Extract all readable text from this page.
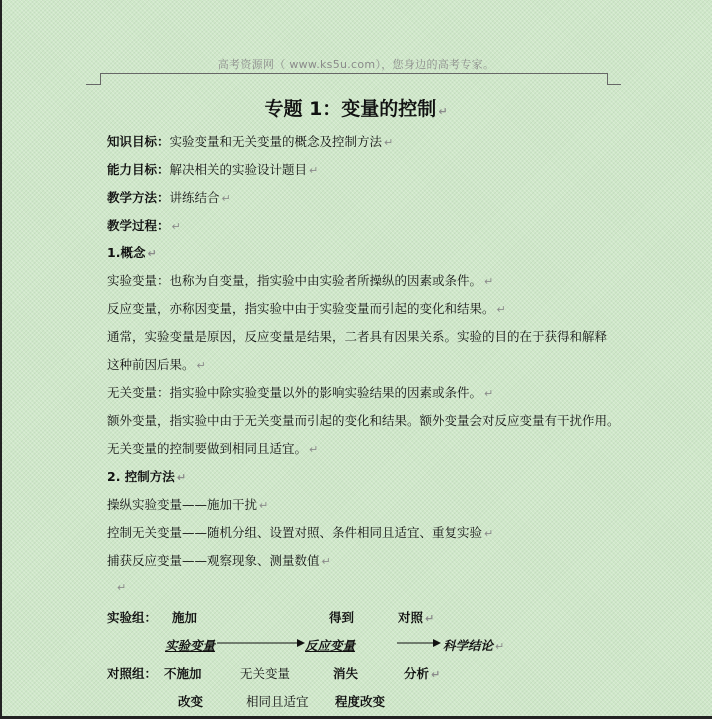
高考资源网（ www.ks5u.com），您身边的高考专家。
专题 1：变量的控制 ↵
知识目标：实验变量和无关变量的概念及控制方法 ↵
能力目标：解决相关的实验设计题目 ↵
教学方法：讲练结合 ↵
教学过程： ↵
1.概念 ↵
实验变量：也称为自变量，指实验中由实验者所操纵的因素或条件。 ↵
反应变量，亦称因变量，指实验中由于实验变量而引起的变化和结果。 ↵
通常，实验变量是原因，反应变量是结果，二者具有因果关系。实验的目的在于获得和解释
这种前因后果。 ↵
无关变量：指实验中除实验变量以外的影响实验结果的因素或条件。 ↵
额外变量，指实验中由于无关变量而引起的变化和结果。额外变量会对反应变量有干扰作用。
无关变量的控制要做到相同且适宜。 ↵
2. 控制方法 ↵
操纵实验变量——施加干扰 ↵
控制无关变量——随机分组、设置对照、条件相同且适宜、重复实验 ↵
捕获反应变量——观察现象、测量数值 ↵
↵
实验组： 施加	得到	对照 ↵
实验变量	反应变量	科学结论 ↵
对照组： 不施加	无关变量	消失	分析 ↵
改变	相同且适宜 程度改变
